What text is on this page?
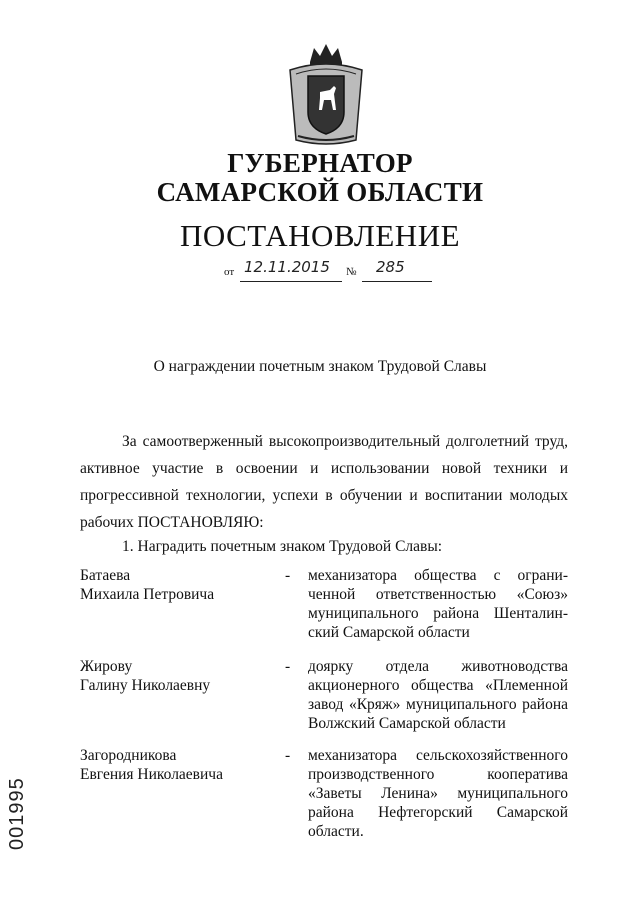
ГУБЕРНАТОР
САМАРСКОЙ ОБЛАСТИ
ПОСТАНОВЛЕНИЕ
от 12.11.2015 № 285
О награждении почетным знаком Трудовой Славы
За самоотверженный высокопроизводительный долголетний труд,
активное участие в освоении и использовании новой техники и
прогрессивной технологии, успехи в обучении и воспитании молодых
рабочих ПОСТАНОВЛЯЮ:
1. Наградить почетным знаком Трудовой Славы:
Батаева
Михаила Петровича
- механизатора общества с ограни-
ченной ответственностью «Союз»
муниципального района Шенталин-
ский Самарской области
Жирову
Галину Николаевну
- доярку отдела животноводства
акционерного общества «Племенной
завод «Кряж» муниципального района
Волжский Самарской области
Загородникова
Евгения Николаевича
- механизатора сельскохозяйственного
производственного кооператива
«Заветы Ленина» муниципального
района Нефтегорский Самарской
области.
001995
